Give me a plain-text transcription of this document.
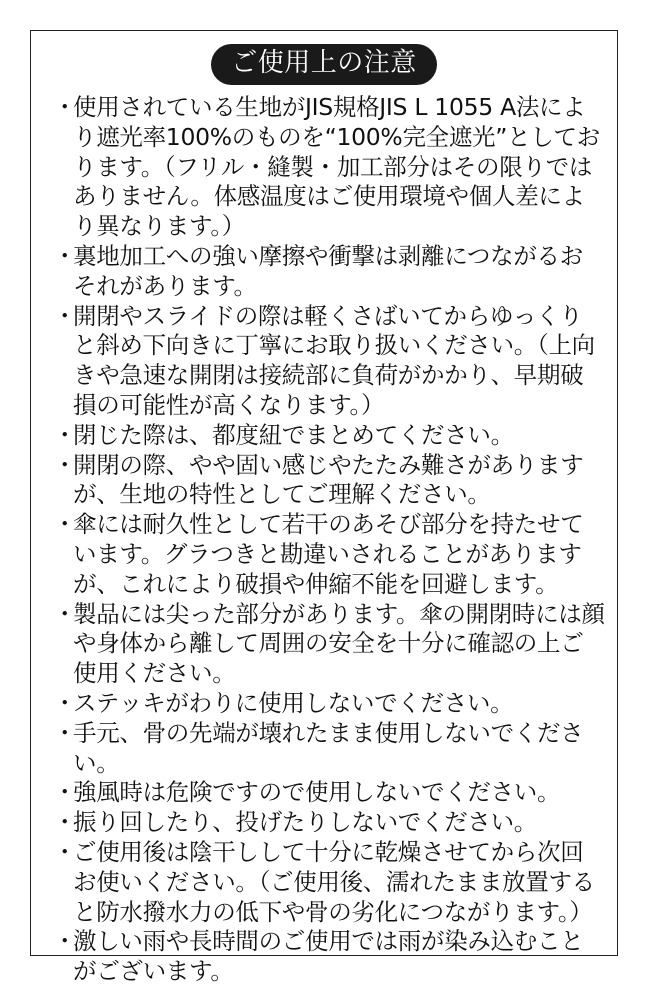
ご使用上の注意
・
使用されている生地がJIS規格JIS L 1055 A法により遮光率100%のものを“100%完全遮光”としております。（フリル・縫製・加工部分はその限りではありません。体感温度はご使用環境や個人差により異なります。）
・
裏地加工への強い摩擦や衝撃は剥離につながるおそれがあります。
・
開閉やスライドの際は軽くさばいてからゆっくりと斜め下向きに丁寧にお取り扱いください。（上向きや急速な開閉は接続部に負荷がかかり、早期破損の可能性が高くなります。）
・
閉じた際は、都度紐でまとめてください。
・
開閉の際、やや固い感じやたたみ難さがありますが、生地の特性としてご理解ください。
・
傘には耐久性として若干のあそび部分を持たせています。グラつきと勘違いされることがありますが、これにより破損や伸縮不能を回避します。
・
製品には尖った部分があります。傘の開閉時には顔や身体から離して周囲の安全を十分に確認の上ご使用ください。
・
ステッキがわりに使用しないでください。
・
手元、骨の先端が壊れたまま使用しないでください。
・
強風時は危険ですので使用しないでください。
・
振り回したり、投げたりしないでください。
・
ご使用後は陰干しして十分に乾燥させてから次回お使いください。（ご使用後、濡れたまま放置すると防水撥水力の低下や骨の劣化につながります。）
・
激しい雨や長時間のご使用では雨が染み込むことがございます。
